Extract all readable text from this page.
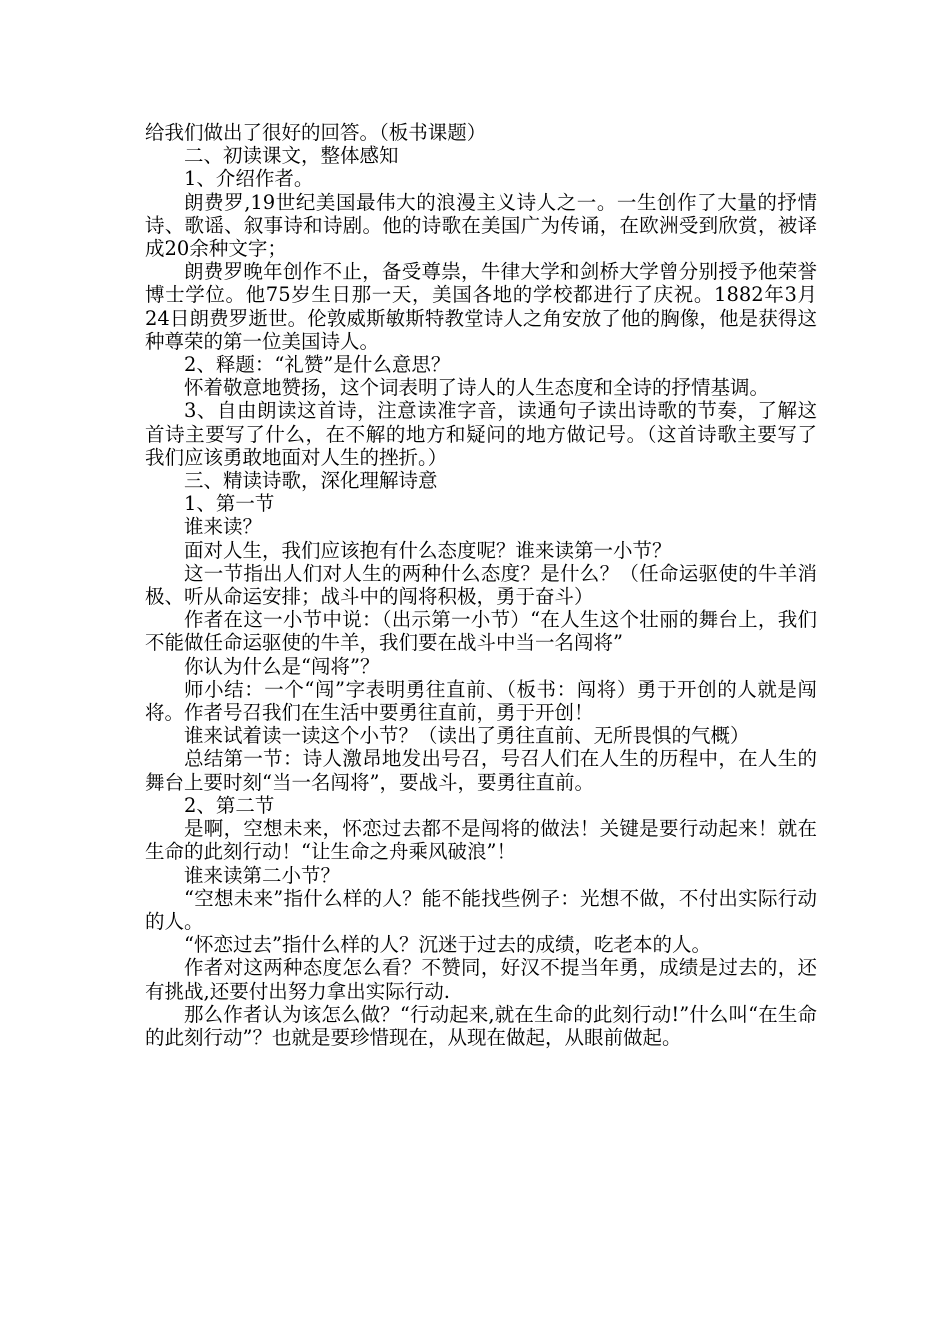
给我们做出了很好的回答。（板书课题）

二、初读课文，整体感知

1、介绍作者。

朗费罗,19世纪美国最伟大的浪漫主义诗人之一。一生创作了大量的抒情诗、歌谣、叙事诗和诗剧。他的诗歌在美国广为传诵，在欧洲受到欣赏，被译成20余种文字；

朗费罗晚年创作不止，备受尊祟，牛律大学和剑桥大学曾分别授予他荣誉博士学位。他75岁生日那一天，美国各地的学校都进行了庆祝。1882年3月24日朗费罗逝世。伦敦威斯敏斯特教堂诗人之角安放了他的胸像，他是获得这种尊荣的第一位美国诗人。

2、释题：“礼赞”是什么意思？

怀着敬意地赞扬，这个词表明了诗人的人生态度和全诗的抒情基调。

3、自由朗读这首诗，注意读准字音，读通句子读出诗歌的节奏，了解这首诗主要写了什么，在不解的地方和疑问的地方做记号。（这首诗歌主要写了我们应该勇敢地面对人生的挫折。）

三、精读诗歌，深化理解诗意

1、第一节

谁来读？

面对人生，我们应该抱有什么态度呢？谁来读第一小节？

这一节指出人们对人生的两种什么态度？是什么？（任命运驱使的牛羊消极、听从命运安排；战斗中的闯将积极，勇于奋斗）

作者在这一小节中说：（出示第一小节）“在人生这个壮丽的舞台上，我们不能做任命运驱使的牛羊，我们要在战斗中当一名闯将”

你认为什么是“闯将”？

师小结：一个“闯”字表明勇往直前、（板书：闯将）勇于开创的人就是闯将。作者号召我们在生活中要勇往直前，勇于开创！

谁来试着读一读这个小节？（读出了勇往直前、无所畏惧的气概）

总结第一节：诗人激昂地发出号召，号召人们在人生的历程中，在人生的舞台上要时刻“当一名闯将”，要战斗，要勇往直前。

2、第二节

是啊，空想未来，怀恋过去都不是闯将的做法！关键是要行动起来！就在生命的此刻行动！“让生命之舟乘风破浪”！

谁来读第二小节？

“空想未来”指什么样的人？能不能找些例子：光想不做，不付出实际行动的人。

“怀恋过去”指什么样的人？沉迷于过去的成绩，吃老本的人。

作者对这两种态度怎么看？不赞同，好汉不提当年勇，成绩是过去的，还有挑战,还要付出努力拿出实际行动.

那么作者认为该怎么做？“行动起来,就在生命的此刻行动!”什么叫“在生命的此刻行动”？也就是要珍惜现在，从现在做起，从眼前做起。
